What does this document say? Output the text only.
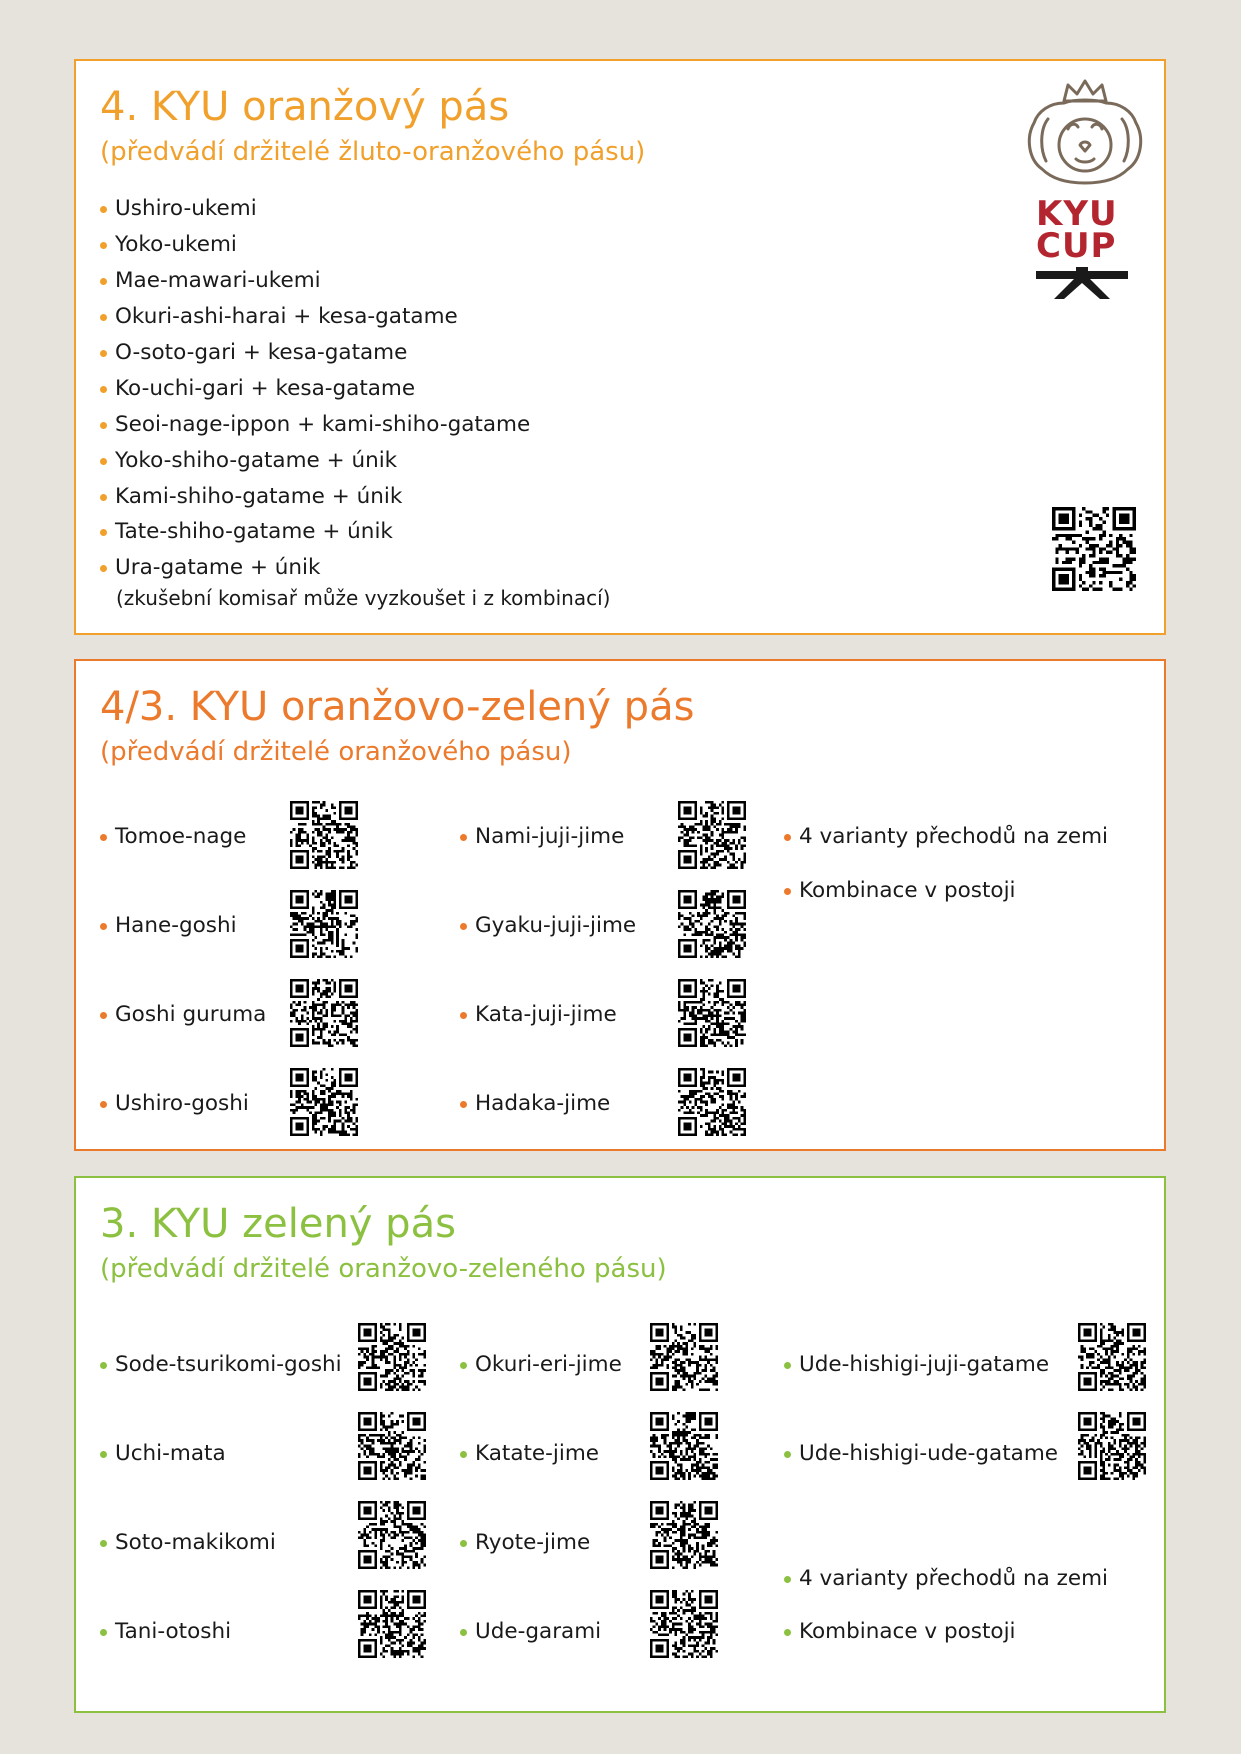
4. KYU oranžový pás
(předvádí držitelé žluto-oranžového pásu)
Ushiro-ukemi
Yoko-ukemi
Mae-mawari-ukemi
Okuri-ashi-harai + kesa-gatame
O-soto-gari + kesa-gatame
Ko-uchi-gari + kesa-gatame
Seoi-nage-ippon + kami-shiho-gatame
Yoko-shiho-gatame + únik
Kami-shiho-gatame + únik
Tate-shiho-gatame + únik
Ura-gatame + únik
(zkušební komisař může vyzkoušet i z kombinací)
KYU
CUP
4/3. KYU oranžovo-zelený pás
(předvádí držitelé oranžového pásu)
Tomoe-nage
Hane-goshi
Goshi guruma
Ushiro-goshi
Nami-juji-jime
Gyaku-juji-jime
Kata-juji-jime
Hadaka-jime
4 varianty přechodů na zemi
Kombinace v postoji
3. KYU zelený pás
(předvádí držitelé oranžovo-zeleného pásu)
Sode-tsurikomi-goshi
Uchi-mata
Soto-makikomi
Tani-otoshi
Okuri-eri-jime
Katate-jime
Ryote-jime
Ude-garami
Ude-hishigi-juji-gatame
Ude-hishigi-ude-gatame
4 varianty přechodů na zemi
Kombinace v postoji
